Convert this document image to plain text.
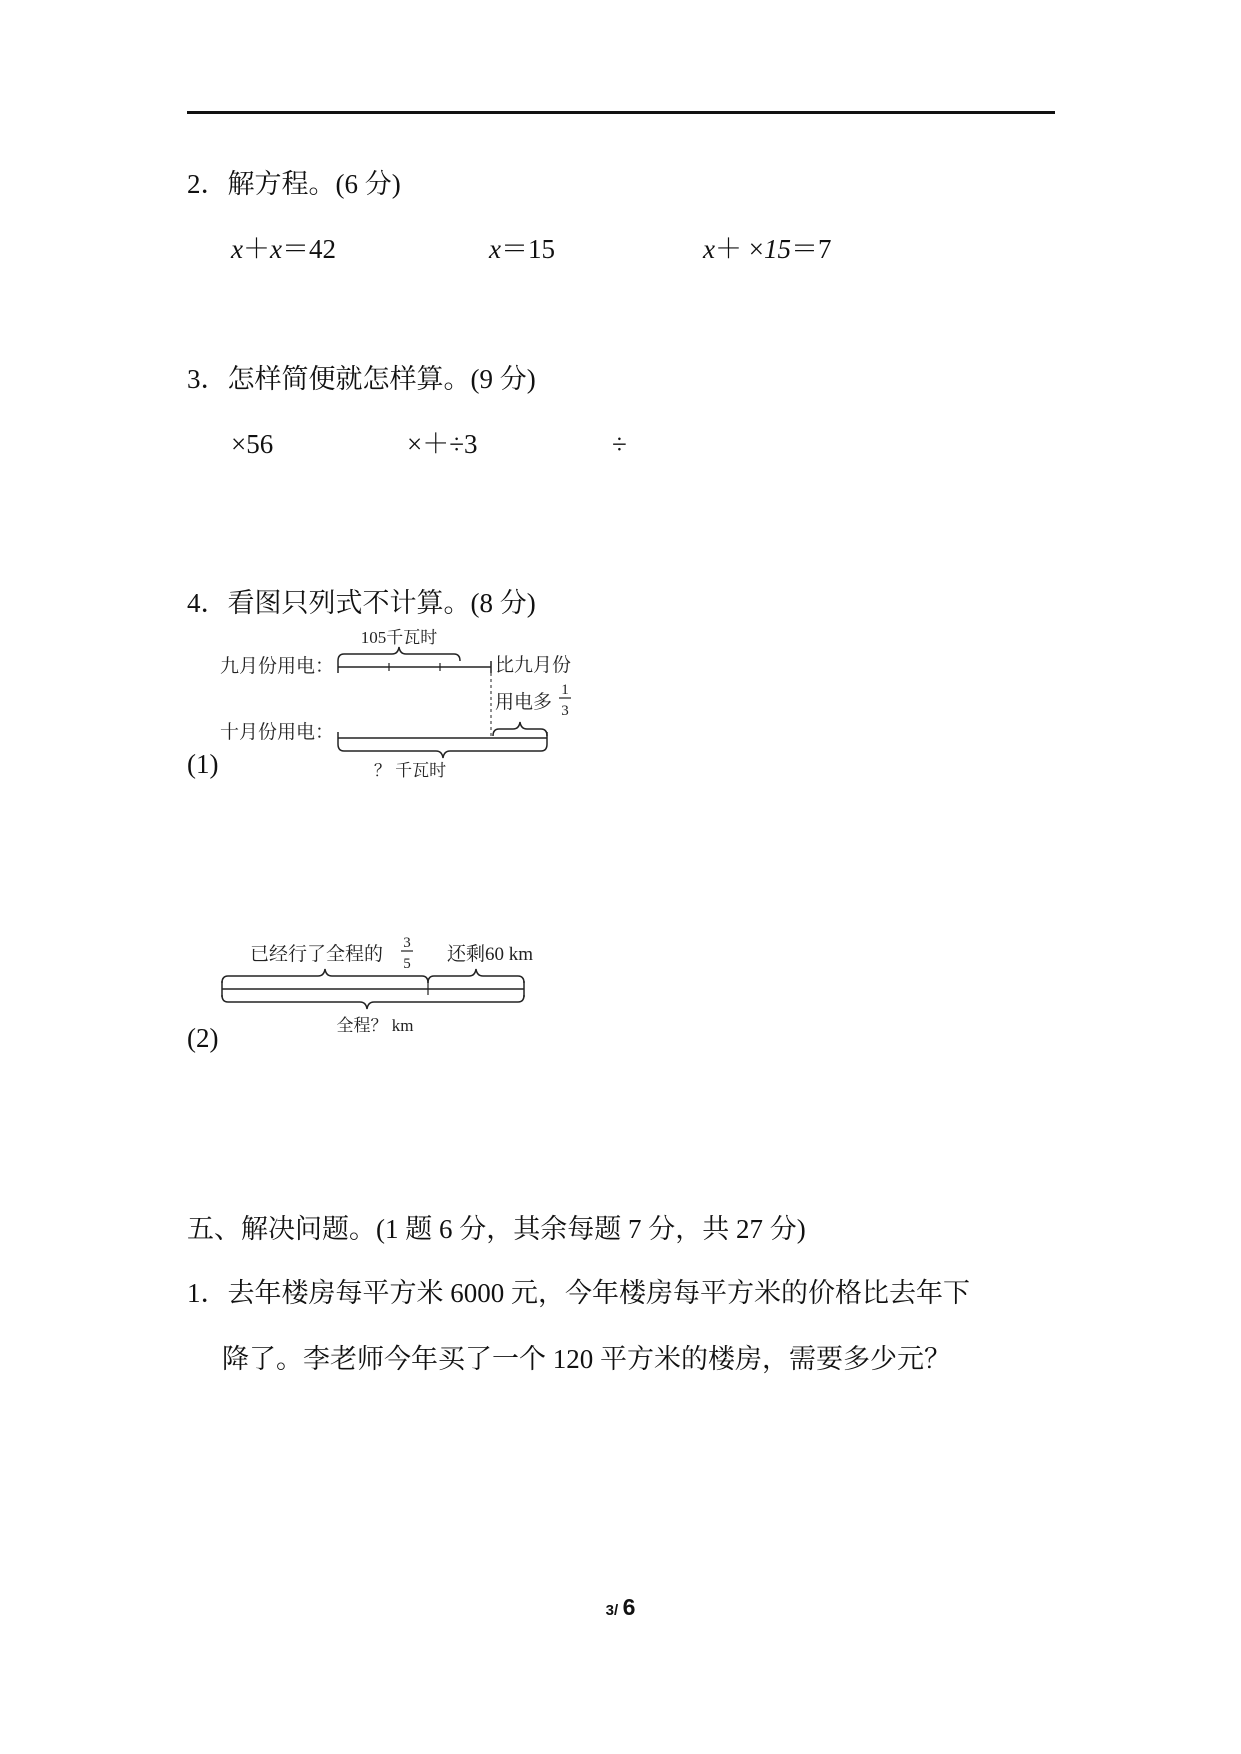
2．解方程。(6 分)
x＋x＝42	x＝15	x＋ ×15＝7
3．怎样简便就怎样算。(9 分)
×56	×＋÷3	÷
4．看图只列式不计算。(8 分)
(1)
九月份用电：
十月份用电：
105千瓦时
比九月份
用电多
1
3
？ 千瓦时
(2)
已经行了全程的
3
5 还剩60 km
全程？ km
五、解决问题。(1 题 6 分，其余每题 7 分，共 27 分)
1．去年楼房每平方米 6000 元，今年楼房每平方米的价格比去年下
降了。李老师今年买了一个 120 平方米的楼房，需要多少元？
3/ 6
